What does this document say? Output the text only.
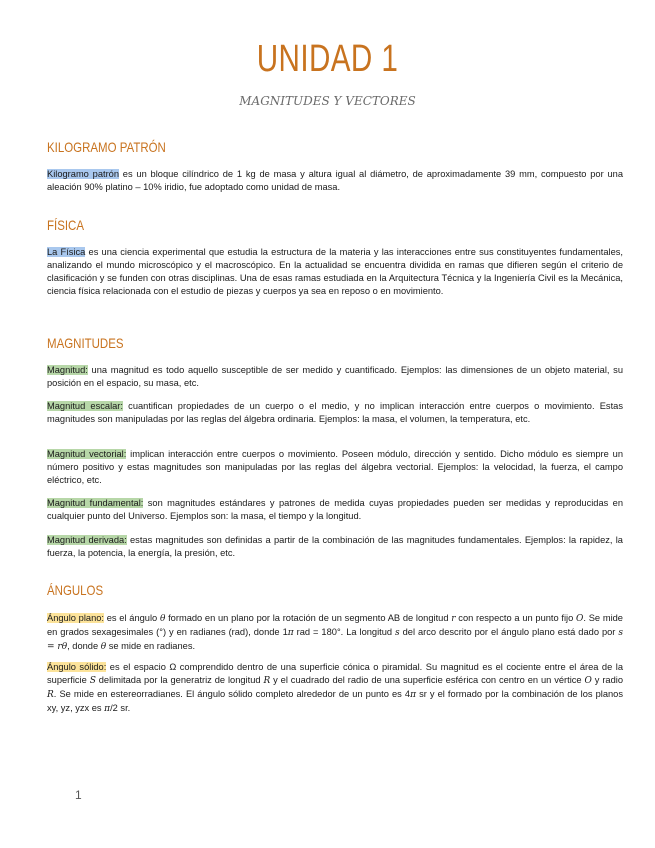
UNIDAD 1

MAGNITUDES Y VECTORES

KILOGRAMO PATRÓN

Kilogramo patrón es un bloque cilíndrico de 1 kg de masa y altura igual al diámetro, de aproximadamente 39 mm, compuesto por una aleación 90% platino – 10% iridio, fue adoptado como unidad de masa.

FÍSICA

La Física es una ciencia experimental que estudia la estructura de la materia y las interacciones entre sus constituyentes fundamentales, analizando el mundo microscópico y el macroscópico. En la actualidad se encuentra dividida en ramas que difieren según el criterio de clasificación y se funden con otras disciplinas. Una de esas ramas estudiada en la Arquitectura Técnica y la Ingeniería Civil es la Mecánica, ciencia física relacionada con el estudio de piezas y cuerpos ya sea en reposo o en movimiento.

MAGNITUDES

Magnitud: una magnitud es todo aquello susceptible de ser medido y cuantificado. Ejemplos: las dimensiones de un objeto material, su posición en el espacio, su masa, etc.

Magnitud escalar: cuantifican propiedades de un cuerpo o el medio, y no implican interacción entre cuerpos o movimiento. Estas magnitudes son manipuladas por las reglas del álgebra ordinaria. Ejemplos: la masa, el volumen, la temperatura, etc.

Magnitud vectorial: implican interacción entre cuerpos o movimiento. Poseen módulo, dirección y sentido. Dicho módulo es siempre un número positivo y estas magnitudes son manipuladas por las reglas del álgebra vectorial. Ejemplos: la velocidad, la fuerza, el campo eléctrico, etc.

Magnitud fundamental: son magnitudes estándares y patrones de medida cuyas propiedades pueden ser medidas y reproducidas en cualquier punto del Universo. Ejemplos son: la masa, el tiempo y la longitud.

Magnitud derivada: estas magnitudes son definidas a partir de la combinación de las magnitudes fundamentales. Ejemplos: la rapidez, la fuerza, la potencia, la energía, la presión, etc.

ÁNGULOS

Ángulo plano: es el ángulo θ formado en un plano por la rotación de un segmento AB de longitud r con respecto a un punto fijo O. Se mide en grados sexagesimales (°) y en radianes (rad), donde 1π rad = 180°. La longitud s del arco descrito por el ángulo plano está dado por s = rθ, donde θ se mide en radianes.

Ángulo sólido: es el espacio Ω comprendido dentro de una superficie cónica o piramidal. Su magnitud es el cociente entre el área de la superficie S delimitada por la generatriz de longitud R y el cuadrado del radio de una superficie esférica con centro en un vértice O y radio R. Se mide en estereorradianes. El ángulo sólido completo alrededor de un punto es 4π sr y el formado por la combinación de los planos xy, yz, yzx es π/2 sr.

1
